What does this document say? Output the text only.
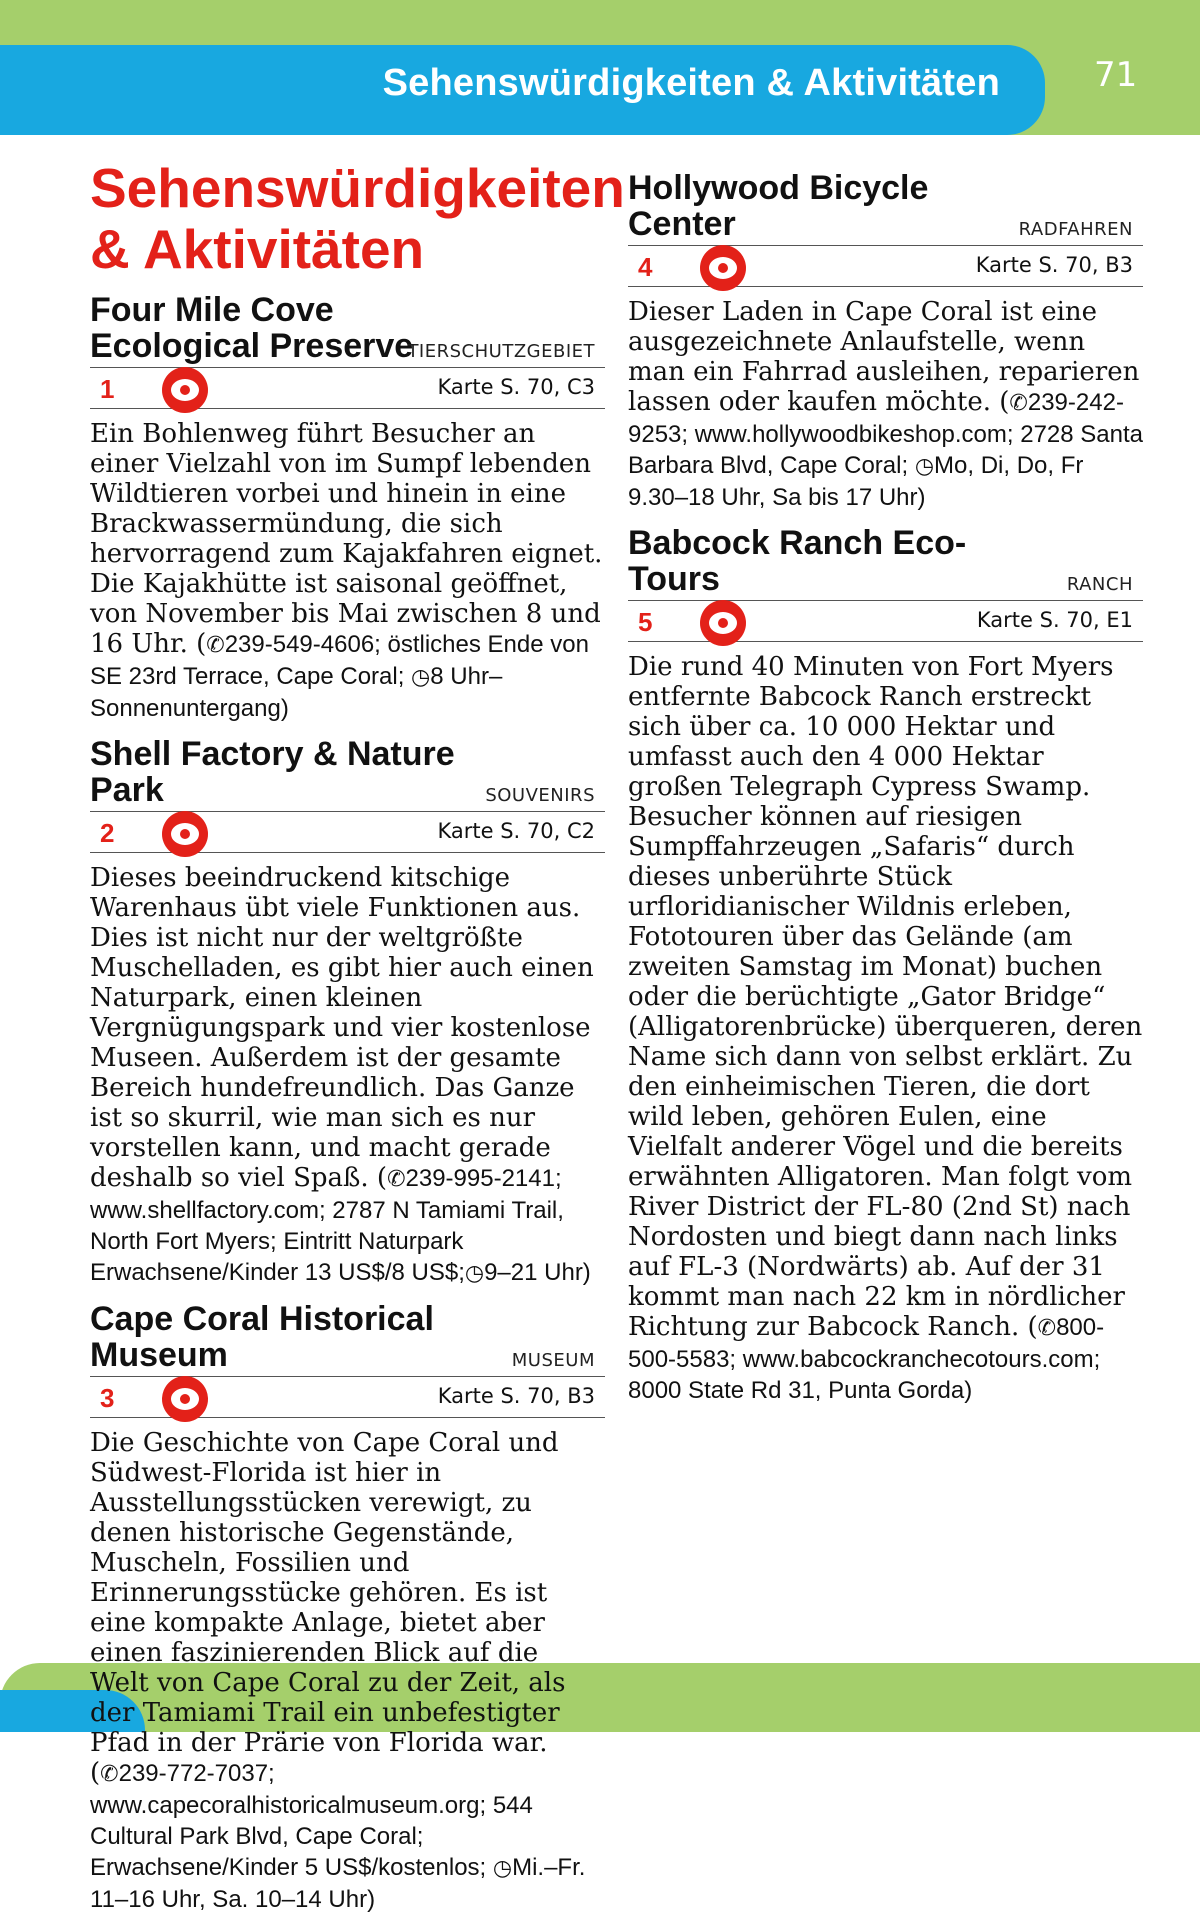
Sehenswürdigkeiten & Aktivitäten	71
Sehenswürdigkeiten & Aktivitäten
Four Mile Cove Ecological Preserve
TIERSCHUTZGEBIET
1	Karte S. 70, C3
Ein Bohlenweg führt Besucher an einer Vielzahl von im Sumpf lebenden Wildtieren vorbei und hinein in eine Brackwassermündung, die sich hervorragend zum Kajakfahren eignet. Die Kajakhütte ist saisonal geöffnet, von November bis Mai zwischen 8 und 16 Uhr. (✆239-549-4606; östliches Ende von SE 23rd Terrace, Cape Coral; ◷8 Uhr–Sonnenuntergang)
Shell Factory & Nature Park	SOUVENIRS
2	Karte S. 70, C2
Dieses beeindruckend kitschige Warenhaus übt viele Funktionen aus. Dies ist nicht nur der weltgrößte Muschelladen, es gibt hier auch einen Naturpark, einen kleinen Vergnügungspark und vier kostenlose Museen. Außerdem ist der gesamte Bereich hundefreundlich. Das Ganze ist so skurril, wie man sich es nur vorstellen kann, und macht gerade deshalb so viel Spaß. (✆239-995-2141; www.shellfactory.com; 2787 N Tamiami Trail, North Fort Myers; Eintritt Naturpark Erwachsene/Kinder 13 US$/8 US$;◷9–21 Uhr)
Cape Coral Historical Museum	MUSEUM
3	Karte S. 70, B3
Die Geschichte von Cape Coral und Südwest-Florida ist hier in Ausstellungsstücken verewigt, zu denen historische Gegenstände, Muscheln, Fossilien und Erinnerungsstücke gehören. Es ist eine kompakte Anlage, bietet aber einen faszinierenden Blick auf die Welt von Cape Coral zu der Zeit, als der Tamiami Trail ein unbefestigter Pfad in der Prärie von Florida war. (✆239-772-7037; www.capecoralhistoricalmuseum.org; 544 Cultural Park Blvd, Cape Coral; Erwachsene/Kinder 5 US$/kostenlos; ◷Mi.–Fr. 11–16 Uhr, Sa. 10–14 Uhr)
Hollywood Bicycle Center	RADFAHREN
4	Karte S. 70, B3
Dieser Laden in Cape Coral ist eine ausgezeichnete Anlaufstelle, wenn man ein Fahrrad ausleihen, reparieren lassen oder kaufen möchte. (✆239-242-9253; www.hollywoodbikeshop.com; 2728 Santa Barbara Blvd, Cape Coral; ◷Mo, Di, Do, Fr 9.30–18 Uhr, Sa bis 17 Uhr)
Babcock Ranch Eco-Tours	RANCH
5	Karte S. 70, E1
Die rund 40 Minuten von Fort Myers entfernte Babcock Ranch erstreckt sich über ca. 10 000 Hektar und umfasst auch den 4 000 Hektar großen Telegraph Cypress Swamp. Besucher können auf riesigen Sumpffahrzeugen „Safaris“ durch dieses unberührte Stück urfloridianischer Wildnis erleben, Fototouren über das Gelände (am zweiten Samstag im Monat) buchen oder die berüchtigte „Gator Bridge“ (Alligatorenbrücke) überqueren, deren Name sich dann von selbst erklärt. Zu den einheimischen Tieren, die dort wild leben, gehören Eulen, eine Vielfalt anderer Vögel und die bereits erwähnten Alligatoren. Man folgt vom River District der FL-80 (2nd St) nach Nordosten und biegt dann nach links auf FL-3 (Nordwärts) ab. Auf der 31 kommt man nach 22 km in nördlicher Richtung zur Babcock Ranch. (✆800-500-5583; www.babcockranchecotours.com; 8000 State Rd 31, Punta Gorda)
